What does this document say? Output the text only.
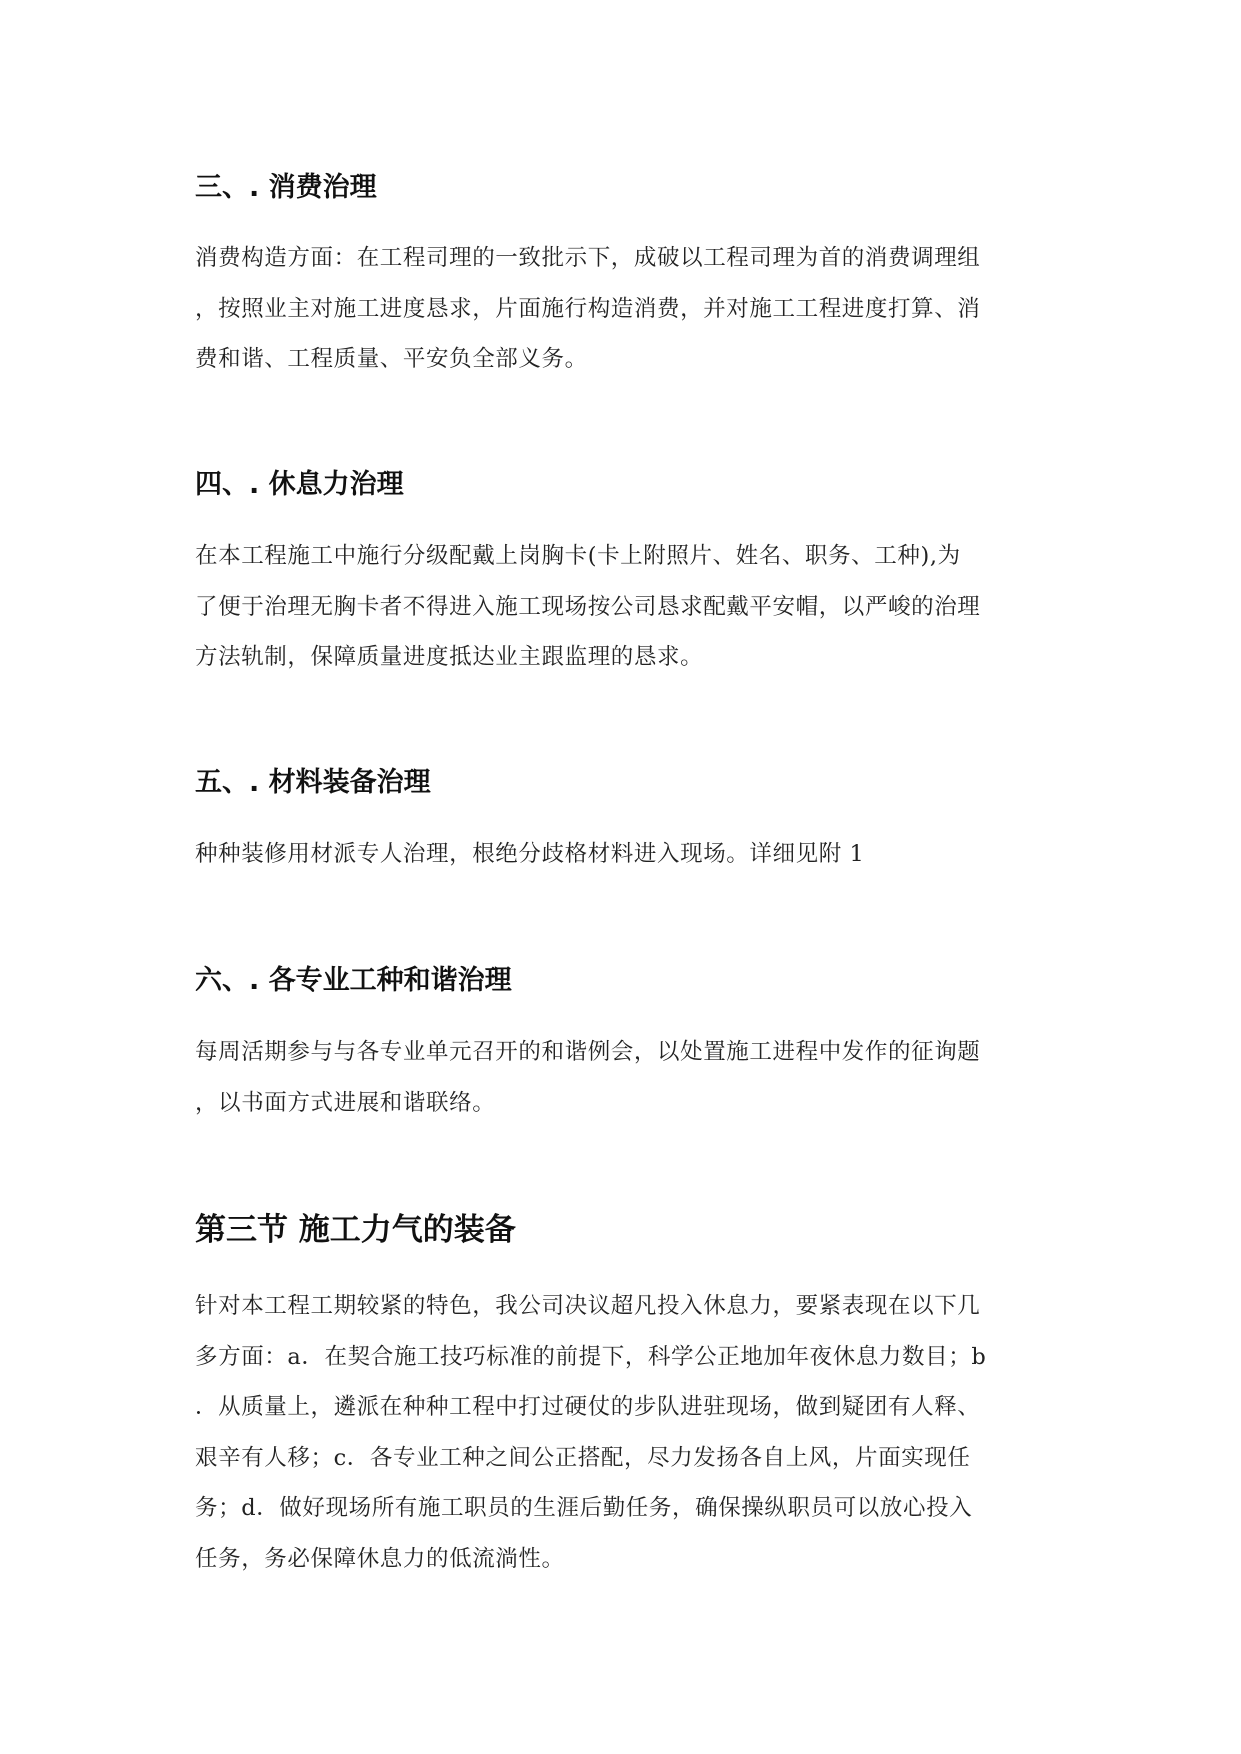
三、. 消费治理
消费构造方面：在工程司理的一致批示下，成破以工程司理为首的消费调理组
，按照业主对施工进度恳求，片面施行构造消费，并对施工工程进度打算、消
费和谐、工程质量、平安负全部义务。
四、. 休息力治理
在本工程施工中施行分级配戴上岗胸卡(卡上附照片、姓名、职务、工种),为
了便于治理无胸卡者不得进入施工现场按公司恳求配戴平安帽，以严峻的治理
方法轨制，保障质量进度抵达业主跟监理的恳求。
五、. 材料装备治理
种种装修用材派专人治理，根绝分歧格材料进入现场。详细见附 1
六、. 各专业工种和谐治理
每周活期参与与各专业单元召开的和谐例会，以处置施工进程中发作的征询题
，以书面方式进展和谐联络。
第三节 施工力气的装备
针对本工程工期较紧的特色，我公司决议超凡投入休息力，要紧表现在以下几
多方面：a．在契合施工技巧标准的前提下，科学公正地加年夜休息力数目；b
．从质量上，遴派在种种工程中打过硬仗的步队进驻现场，做到疑团有人释、
艰辛有人移；c．各专业工种之间公正搭配，尽力发扬各自上风，片面实现任
务；d．做好现场所有施工职员的生涯后勤任务，确保操纵职员可以放心投入
任务，务必保障休息力的低流淌性。
